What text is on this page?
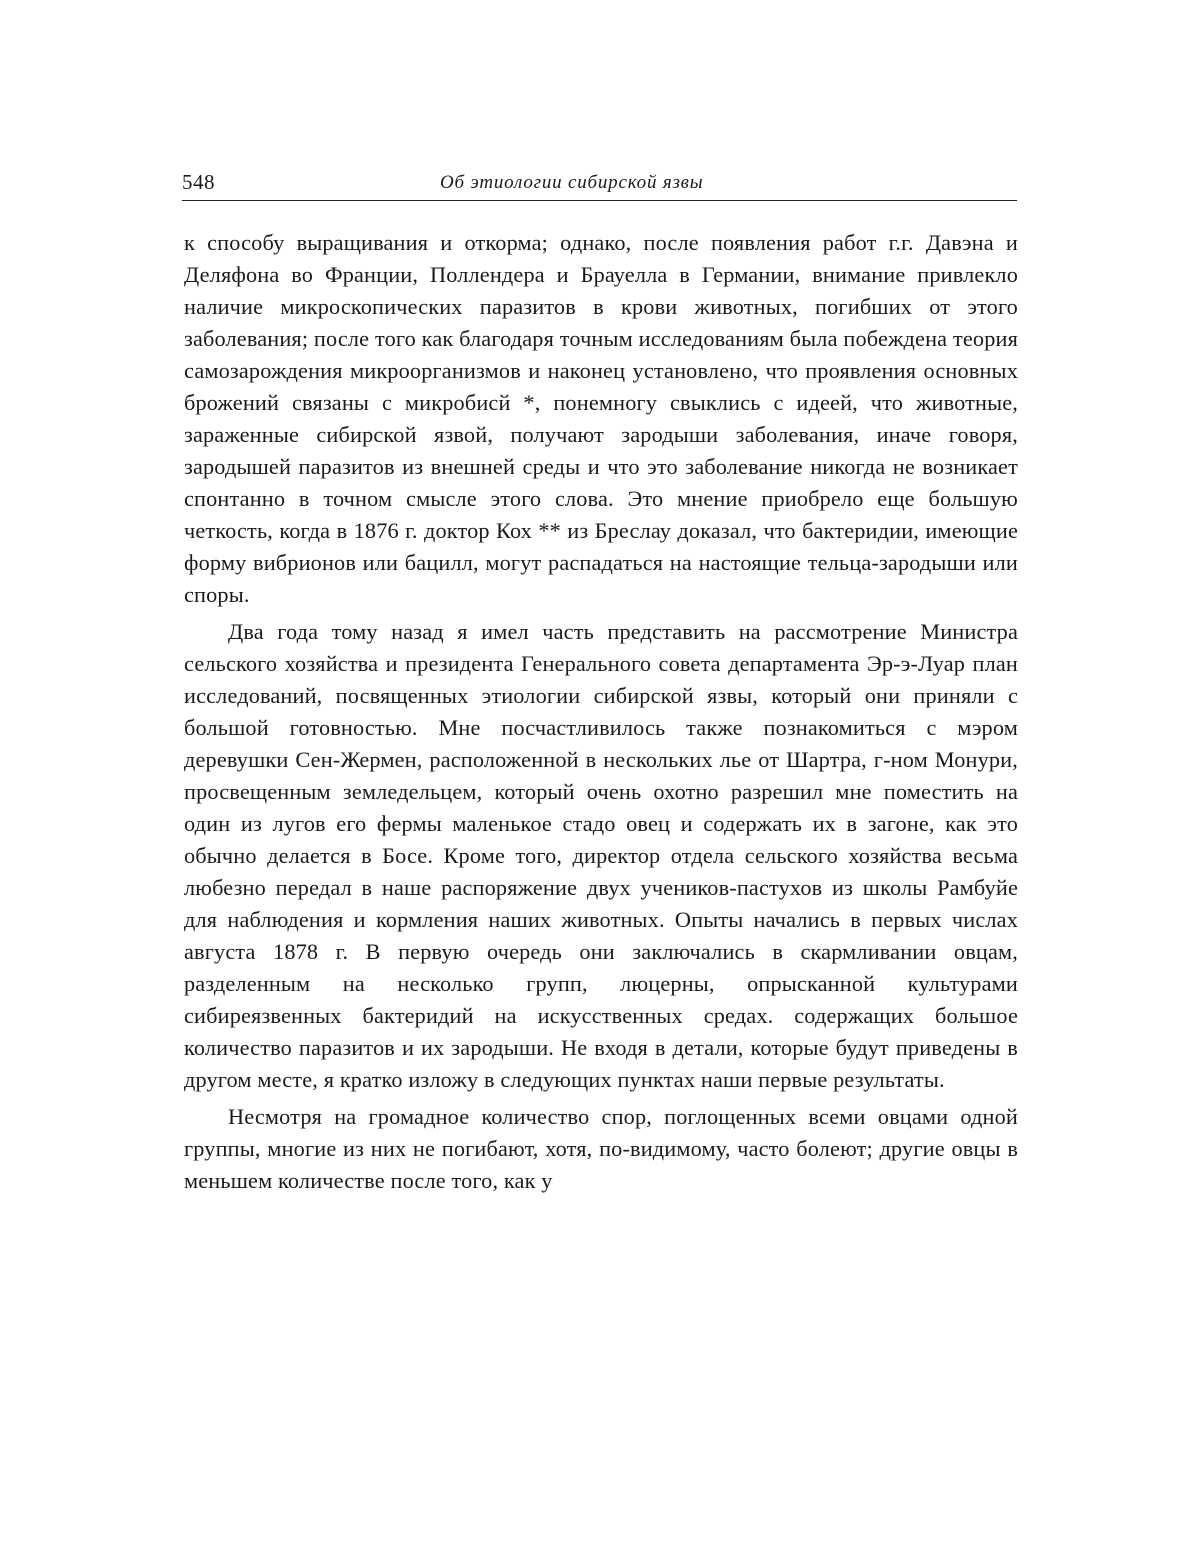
548	Об этиологии сибирской язвы

к способу выращивания и откорма; однако, после появления работ г.г. Давэна и Деляфона во Франции, Поллендера и Брауелла в Германии, внимание привлекло наличие микроскопических паразитов в крови животных, погибших от этого заболевания; после того как благодаря точным исследованиям была побеждена теория самозарождения микроорганизмов и наконец установлено, что проявления основных брожений связаны с микробисй *, понемногу свыклись с идеей, что животные, зараженные сибирской язвой, получают зародыши заболевания, иначе говоря, зародышей паразитов из внешней среды и что это заболевание никогда не возникает спонтанно в точном смысле этого слова. Это мнение приобрело еще большую четкость, когда в 1876 г. доктор Кох ** из Бреслау доказал, что бактеридии, имеющие форму вибрионов или бацилл, могут распадаться на настоящие тельца-зародыши или споры.

Два года тому назад я имел часть представить на рассмотрение Министра сельского хозяйства и президента Генерального совета департамента Эр-э-Луар план исследований, посвященных этиологии сибирской язвы, который они приняли с большой готовностью. Мне посчастливилось также познакомиться с мэром деревушки Сен-Жермен, расположенной в нескольких лье от Шартра, г-ном Монури, просвещенным земледельцем, который очень охотно разрешил мне поместить на один из лугов его фермы маленькое стадо овец и содержать их в загоне, как это обычно делается в Босе. Кроме того, директор отдела сельского хозяйства весьма любезно передал в наше распоряжение двух учеников-пастухов из школы Рамбуйе для наблюдения и кормления наших животных. Опыты начались в первых числах августа 1878 г. В первую очередь они заключались в скармливании овцам, разделенным на несколько групп, люцерны, опрысканной культурами сибиреязвенных бактеридий на искусственных средах. содержащих большое количество паразитов и их зародыши. Не входя в детали, которые будут приведены в другом месте, я кратко изложу в следующих пунктах наши первые результаты.

Несмотря на громадное количество спор, поглощенных всеми овцами одной группы, многие из них не погибают, хотя, по-видимому, часто болеют; другие овцы в меньшем количестве после того, как у
